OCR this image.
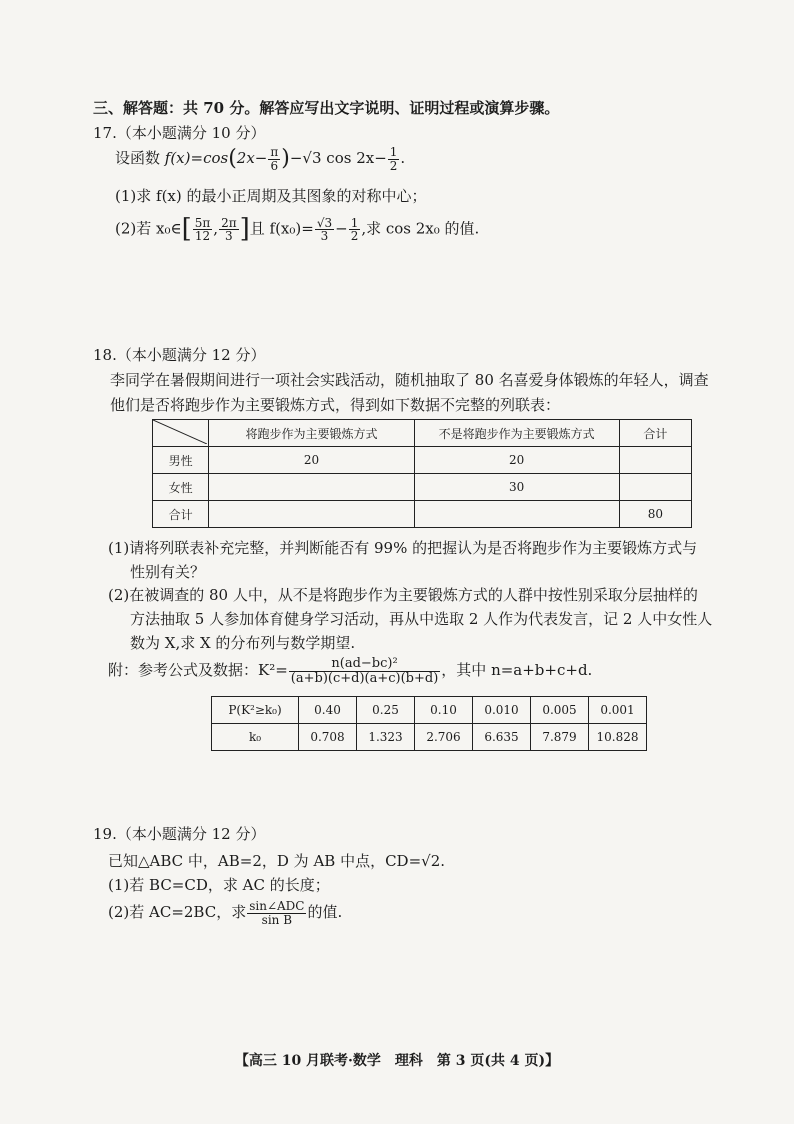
三、解答题：共 70 分。解答应写出文字说明、证明过程或演算步骤。
17.（本小题满分 10 分）
设函数 $f(x)=\cos(2x- \frac{\pi}{6} )-√3$ $\cos 2x- \frac{1}{2}$ .
(1)求 f(x) 的最小正周期及其图象的对称中心；
(2)若 x₀∈[ $\frac{5\pi}{12}$ , $\frac{2\pi}{3}$ ]且 $f(x_0)= \frac{√3}{3} - \frac{1}{2}$ ,求 cos 2x₀ 的值.
18.（本小题满分 12 分）
李同学在暑假期间进行一项社会实践活动，随机抽取了 80 名喜爱身体锻炼的年轻人，调查
他们是否将跑步作为主要锻炼方式，得到如下数据不完整的列联表：
	将跑步作为主要锻炼方式	不是将跑步作为主要锻炼方式	合计
男性	20	20	
女性		30	
合计			80
(1)请将列联表补充完整，并判断能否有 99% 的把握认为是否将跑步作为主要锻炼方式与
性别有关？
(2)在被调查的 80 人中，从不是将跑步作为主要锻炼方式的人群中按性别采取分层抽样的
方法抽取 5 人参加体育健身学习活动，再从中选取 2 人作为代表发言，记 2 人中女性人
数为 X,求 X 的分布列与数学期望.
附：参考公式及数据：$K^2= \frac{\text{n(ad−bc)²}}{(a+b)(c+d)(a+c)(b+d)}$ ，其中 n=a+b+c+d.
P(K²≥k₀)	0.40	0.25	0.10	0.010	0.005	0.001
k₀	0.708	1.323	2.706	6.635	7.879	10.828
19.（本小题满分 12 分）
已知△ABC 中，AB=2，D 为 AB 中点，CD=√2.
(1)若 BC=CD，求 AC 的长度；
(2)若 AC=2BC，求 $\frac{\text{sin∠ADC}}{\text{sin B}}$ 的值.
【高三 10 月联考·数学　理科　第 3 页(共 4 页)】
